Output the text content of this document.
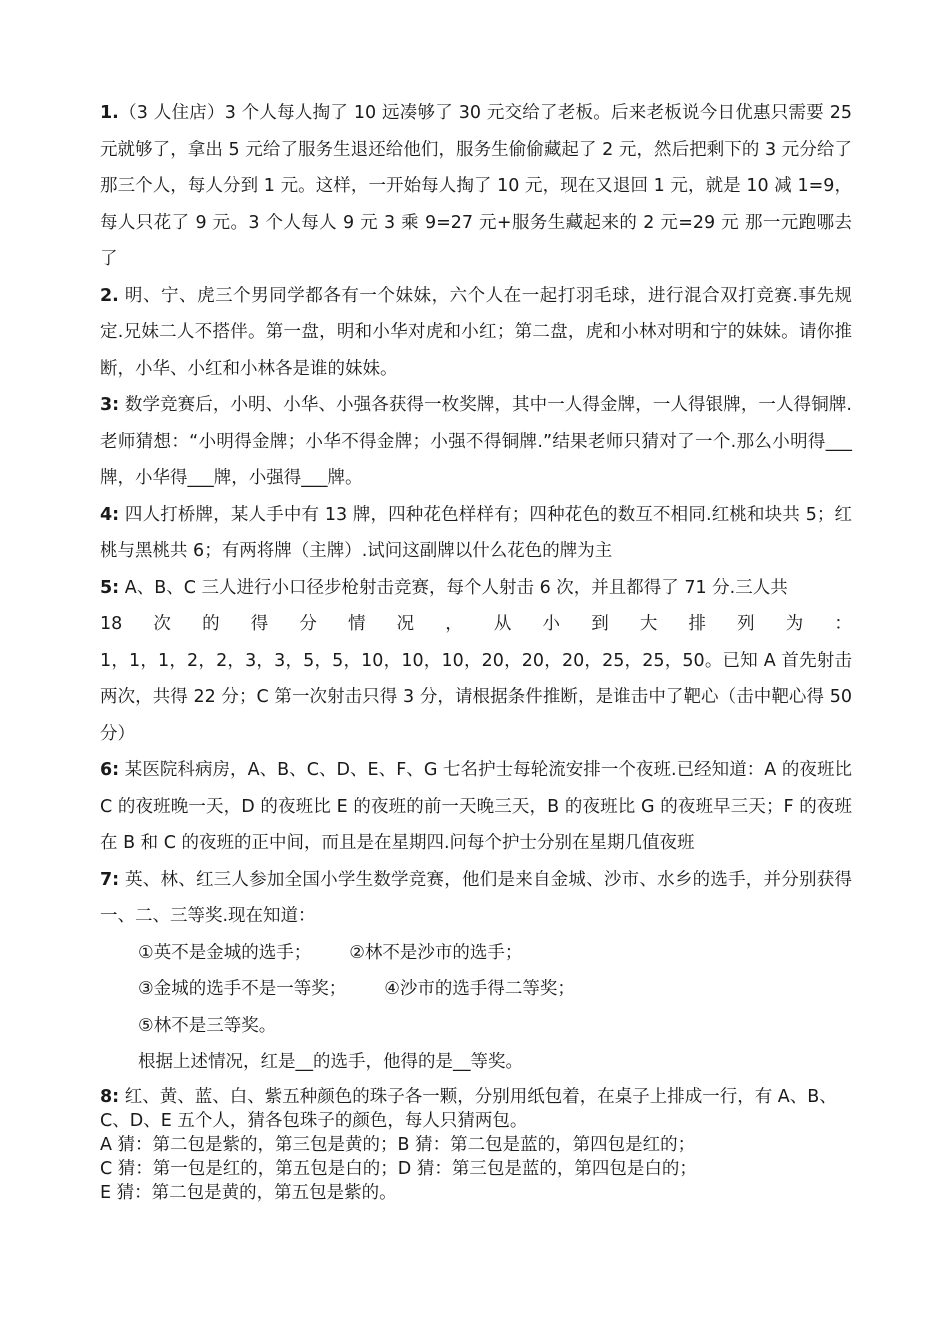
1.（3 人住店）3 个人每人掏了 10 远凑够了 30 元交给了老板。后来老板说今日优惠只需要 25 元就够了，拿出 5 元给了服务生退还给他们，服务生偷偷藏起了 2 元，然后把剩下的 3 元分给了那三个人，每人分到 1 元。这样，一开始每人掏了 10 元，现在又退回 1 元，就是 10 减 1=9，每人只花了 9 元。3 个人每人 9 元 3 乘 9=27 元+服务生藏起来的 2 元=29 元 那一元跑哪去了

2. 明、宁、虎三个男同学都各有一个妹妹，六个人在一起打羽毛球，进行混合双打竞赛.事先规定.兄妹二人不搭伴。第一盘，明和小华对虎和小红；第二盘，虎和小林对明和宁的妹妹。请你推断，小华、小红和小林各是谁的妹妹。

3: 数学竞赛后，小明、小华、小强各获得一枚奖牌，其中一人得金牌，一人得银牌，一人得铜牌.老师猜想：“小明得金牌；小华不得金牌；小强不得铜牌.”结果老师只猜对了一个.那么小明得___牌，小华得___牌，小强得___牌。

4: 四人打桥牌，某人手中有 13 牌，四种花色样样有；四种花色的数互不相同.红桃和块共 5；红桃与黑桃共 6；有两将牌（主牌）.试问这副牌以什么花色的牌为主

5: A、B、C 三人进行小口径步枪射击竞赛，每个人射击 6 次，并且都得了 71 分.三人共

18 次 的 得 分 情 况 ， 从 小 到 大 排 列 为 ：

1，1，1，2，2，3，3，5，5，10，10，10，20，20，20，25，25，50。已知 A 首先射击两次，共得 22 分；C 第一次射击只得 3 分，请根据条件推断，是谁击中了靶心（击中靶心得 50 分）

6: 某医院科病房，A、B、C、D、E、F、G 七名护士每轮流安排一个夜班.已经知道：A 的夜班比 C 的夜班晚一天，D 的夜班比 E 的夜班的前一天晚三天，B 的夜班比 G 的夜班早三天；F 的夜班在 B 和 C 的夜班的正中间，而且是在星期四.问每个护士分别在星期几值夜班

7: 英、林、红三人参加全国小学生数学竞赛，他们是来自金城、沙市、水乡的选手，并分别获得一、二、三等奖.现在知道：

①英不是金城的选手； ②林不是沙市的选手；
③金城的选手不是一等奖； ④沙市的选手得二等奖；
⑤林不是三等奖。
根据上述情况，红是__的选手，他得的是__等奖。

8: 红、黄、蓝、白、紫五种颜色的珠子各一颗，分别用纸包着，在桌子上排成一行，有 A、B、C、D、E 五个人，猜各包珠子的颜色，每人只猜两包。

A 猜：第二包是紫的，第三包是黄的；B 猜：第二包是蓝的，第四包是红的；

C 猜：第一包是红的，第五包是白的；D 猜：第三包是蓝的，第四包是白的；

E 猜：第二包是黄的，第五包是紫的。
